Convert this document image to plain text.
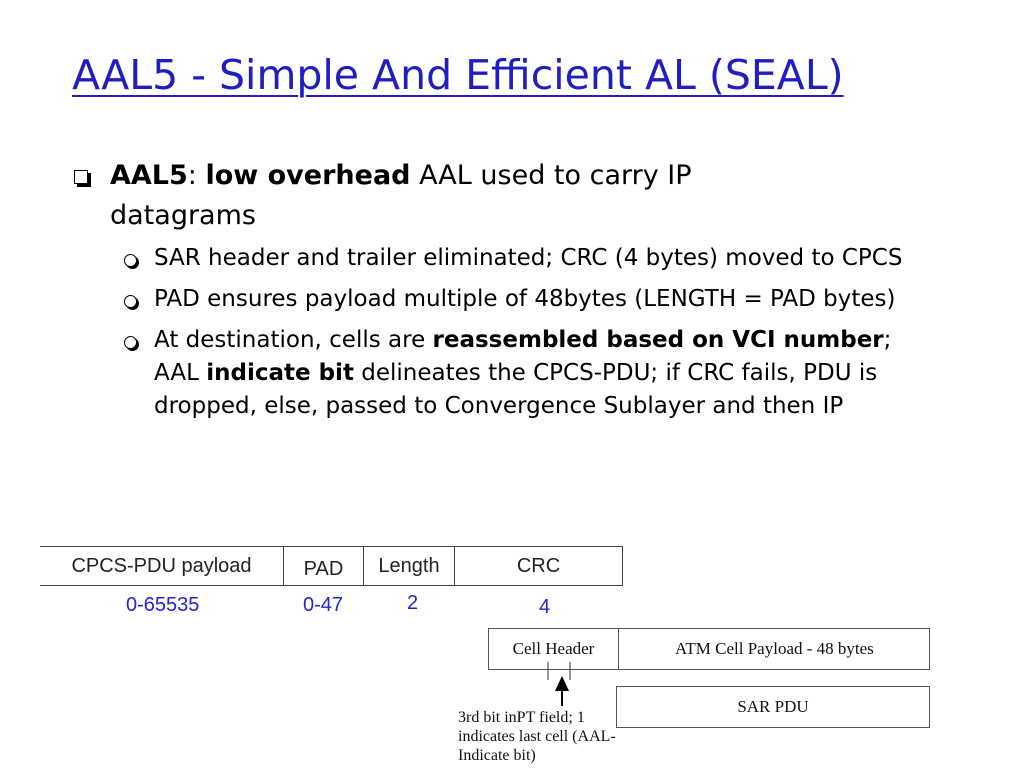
AAL5 - Simple And Efficient AL (SEAL)
AAL5: low overhead AAL used to carry IP datagrams
SAR header and trailer eliminated; CRC (4 bytes) moved to CPCS
PAD ensures payload multiple of 48bytes (LENGTH = PAD bytes)
At destination, cells are reassembled based on VCI number; AAL indicate bit delineates the CPCS-PDU; if CRC fails, PDU is dropped, else, passed to Convergence Sublayer and then IP
CPCS-PDU payload	PAD	Length	CRC
0-65535	0-47	2	4
Cell Header	ATM Cell Payload - 48 bytes
SAR PDU
3rd bit inPT field; 1 indicates last cell (AAL-Indicate bit)
